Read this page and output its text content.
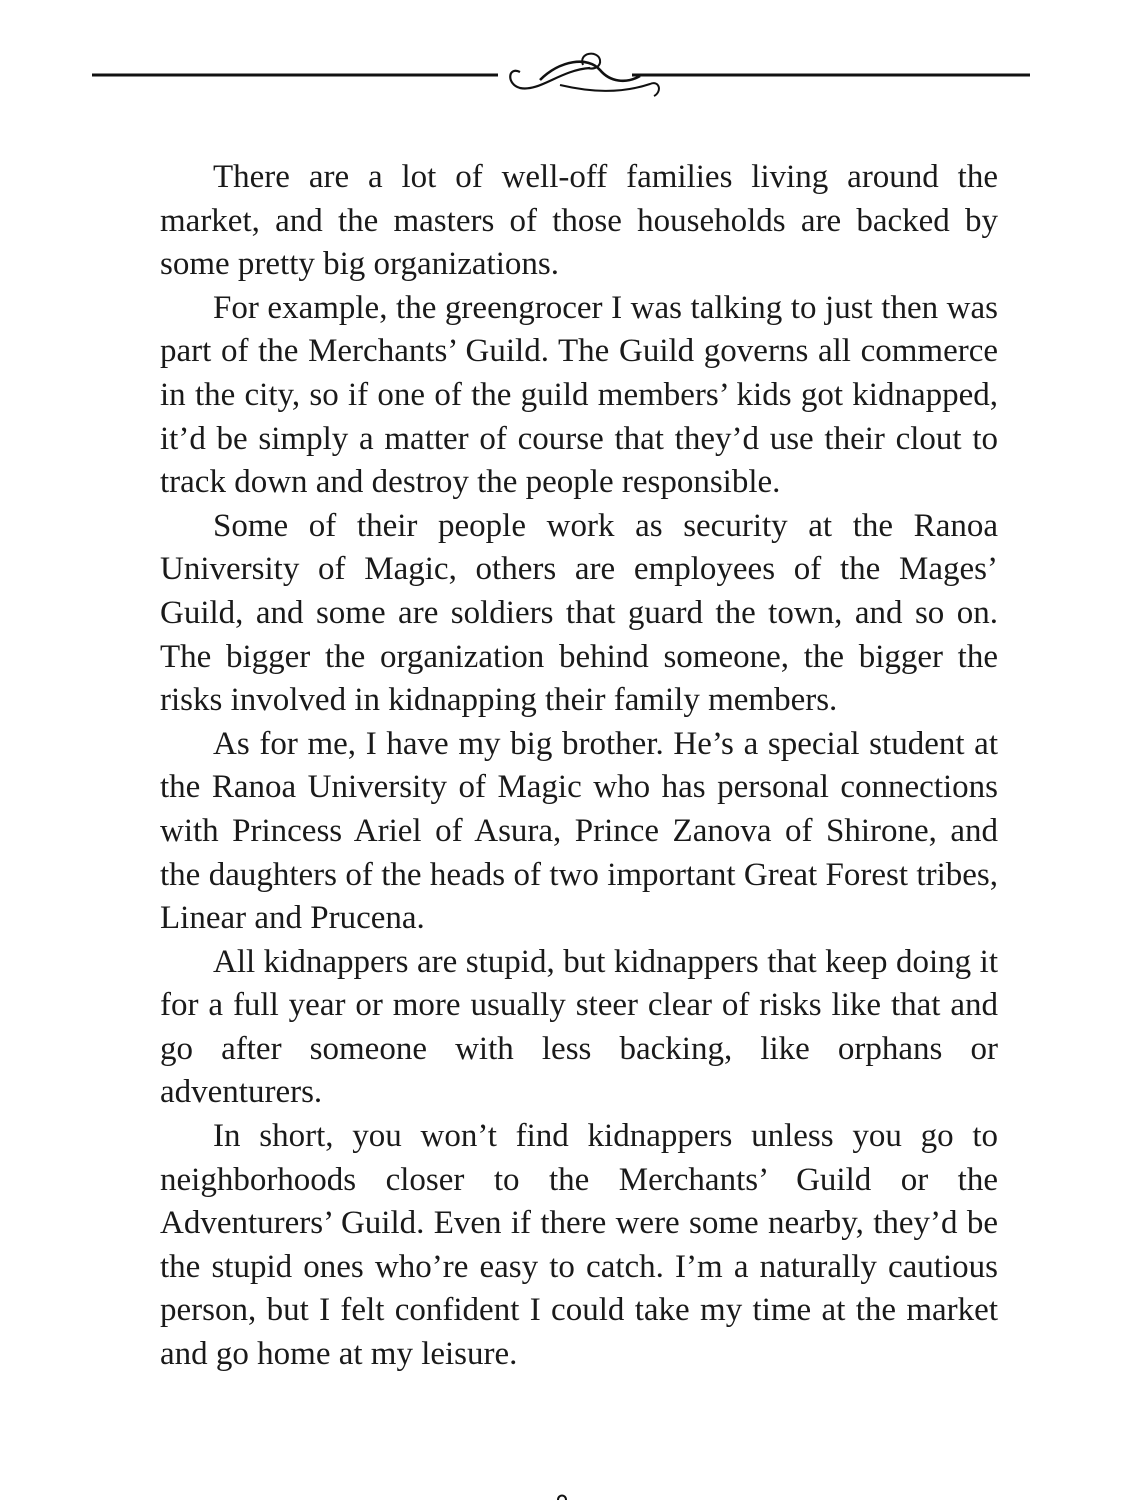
There are a lot of well-off families living around the market, and the masters of those households are backed by some pretty big organizations.

For example, the greengrocer I was talking to just then was part of the Merchants’ Guild. The Guild governs all commerce in the city, so if one of the guild members’ kids got kidnapped, it’d be simply a matter of course that they’d use their clout to track down and destroy the people responsible.

Some of their people work as security at the Ranoa University of Magic, others are employees of the Mages’ Guild, and some are soldiers that guard the town, and so on. The bigger the organization behind someone, the bigger the risks involved in kidnapping their family members.

As for me, I have my big brother. He’s a special student at the Ranoa University of Magic who has personal connections with Princess Ariel of Asura, Prince Zanova of Shirone, and the daughters of the heads of two important Great Forest tribes, Linear and Prucena.

All kidnappers are stupid, but kidnappers that keep doing it for a full year or more usually steer clear of risks like that and go after someone with less backing, like orphans or adventurers.

In short, you won’t find kidnappers unless you go to neighborhoods closer to the Merchants’ Guild or the Adventurers’ Guild. Even if there were some nearby, they’d be the stupid ones who’re easy to catch. I’m a naturally cautious person, but I felt confident I could take my time at the market and go home at my leisure.
